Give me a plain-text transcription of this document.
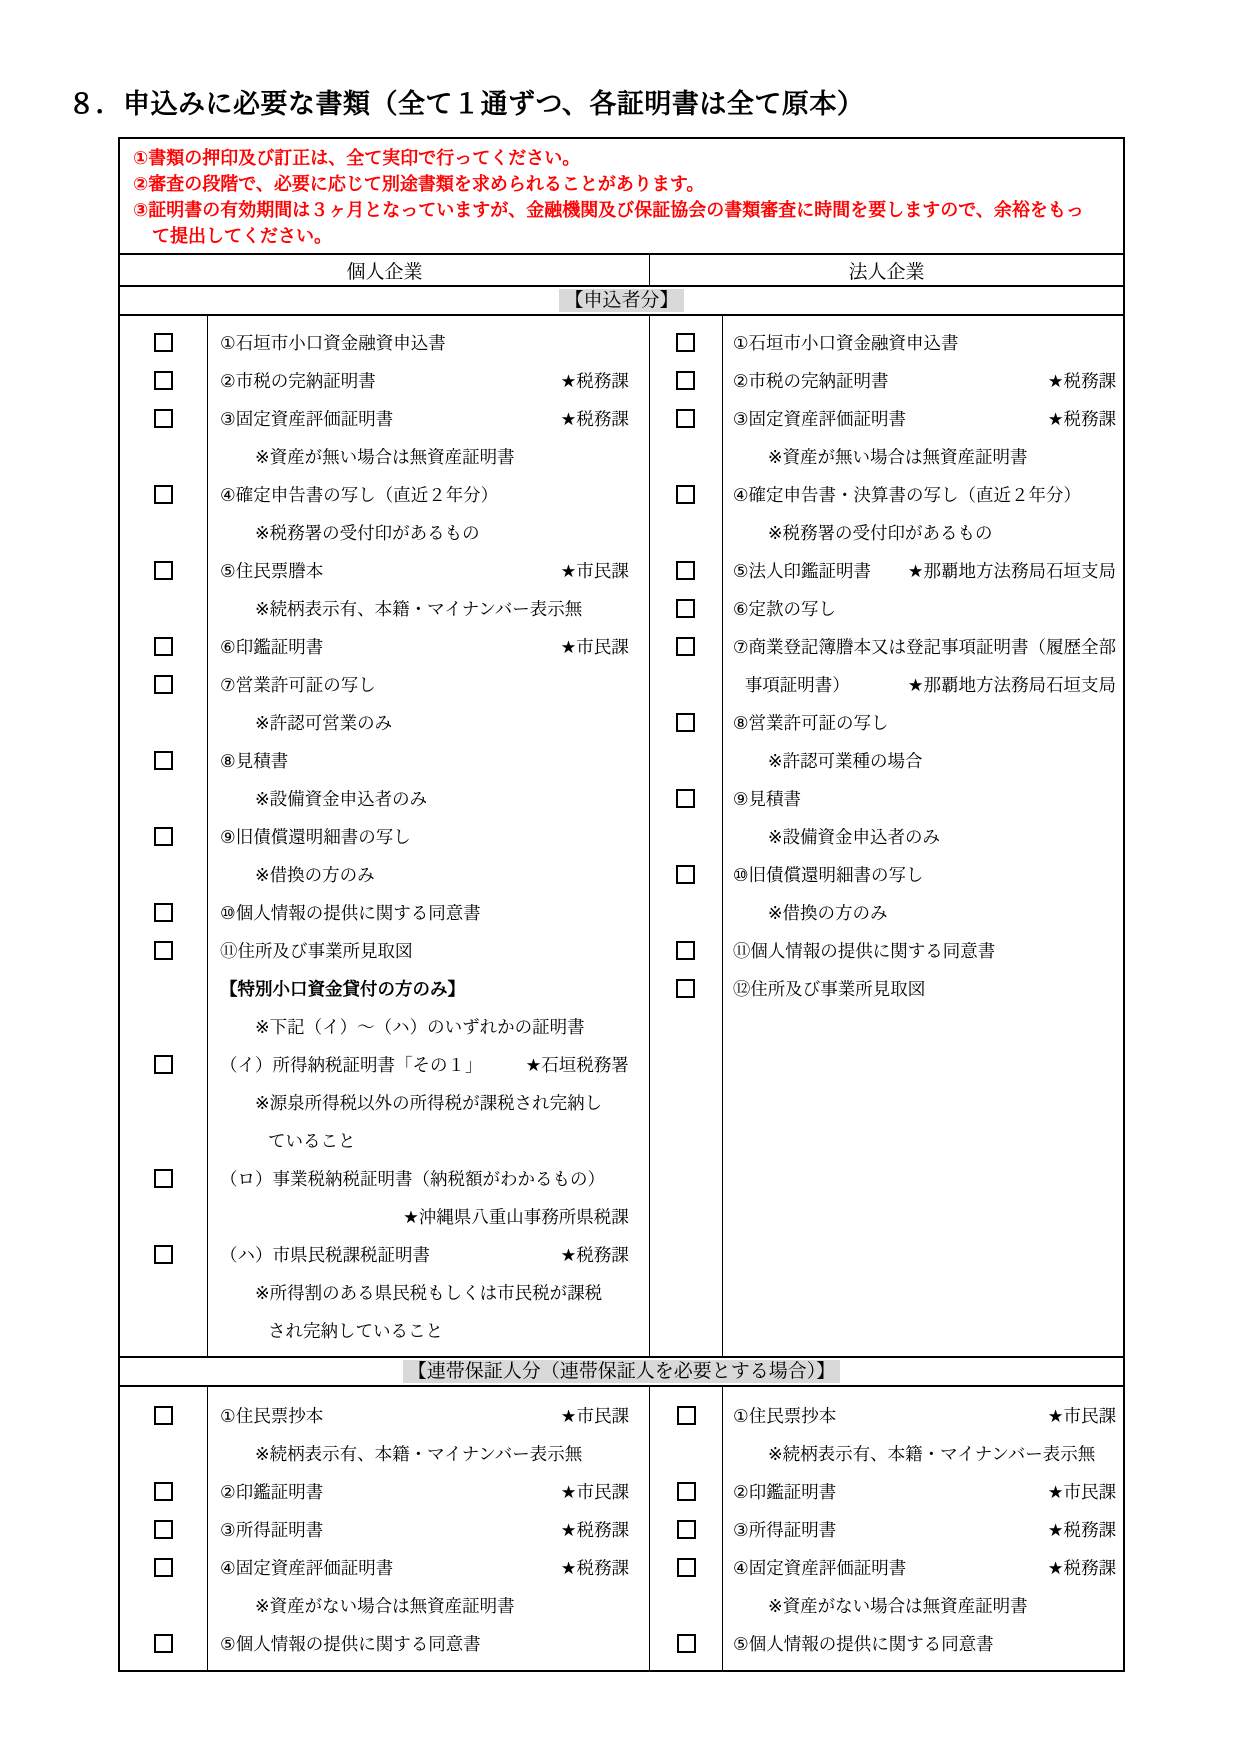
８．申込みに必要な書類（全て１通ずつ、各証明書は全て原本）
①書類の押印及び訂正は、全て実印で行ってください。
②審査の段階で、必要に応じて別途書類を求められることがあります。
③証明書の有効期間は３ヶ月となっていますが、金融機関及び保証協会の書類審査に時間を要しますので、余裕をもっ
て提出してください。
個人企業	法人企業
【申込者分】
①石垣市小口資金融資申込書
②市税の完納証明書	★税務課
③固定資産評価証明書	★税務課
※資産が無い場合は無資産証明書
④確定申告書の写し（直近２年分）
※税務署の受付印があるもの
⑤住民票謄本	★市民課
※続柄表示有、本籍・マイナンバー表示無
⑥印鑑証明書	★市民課
⑦営業許可証の写し
※許認可営業のみ
⑧見積書
※設備資金申込者のみ
⑨旧債償還明細書の写し
※借換の方のみ
⑩個人情報の提供に関する同意書
⑪住所及び事業所見取図
【特別小口資金貸付の方のみ】
※下記（イ）～（ハ）のいずれかの証明書
（イ）所得納税証明書「その１」 ★石垣税務署
※源泉所得税以外の所得税が課税され完納し
ていること
（ロ）事業税納税証明書（納税額がわかるもの）
★沖縄県八重山事務所県税課
（ハ）市県民税課税証明書	★税務課
※所得割のある県民税もしくは市民税が課税
され完納していること
①石垣市小口資金融資申込書
②市税の完納証明書	★税務課
③固定資産評価証明書	★税務課
※資産が無い場合は無資産証明書
④確定申告書・決算書の写し（直近２年分）
※税務署の受付印があるもの
⑤法人印鑑証明書 ★那覇地方法務局石垣支局
⑥定款の写し
⑦商業登記簿謄本又は登記事項証明書（履歴全部
事項証明書）	★那覇地方法務局石垣支局
⑧営業許可証の写し
※許認可業種の場合
⑨見積書
※設備資金申込者のみ
⑩旧債償還明細書の写し
※借換の方のみ
⑪個人情報の提供に関する同意書
⑫住所及び事業所見取図
【連帯保証人分（連帯保証人を必要とする場合）】
①住民票抄本	★市民課
※続柄表示有、本籍・マイナンバー表示無
②印鑑証明書	★市民課
③所得証明書	★税務課
④固定資産評価証明書	★税務課
※資産がない場合は無資産証明書
⑤個人情報の提供に関する同意書
①住民票抄本	★市民課
※続柄表示有、本籍・マイナンバー表示無
②印鑑証明書	★市民課
③所得証明書	★税務課
④固定資産評価証明書	★税務課
※資産がない場合は無資産証明書
⑤個人情報の提供に関する同意書
